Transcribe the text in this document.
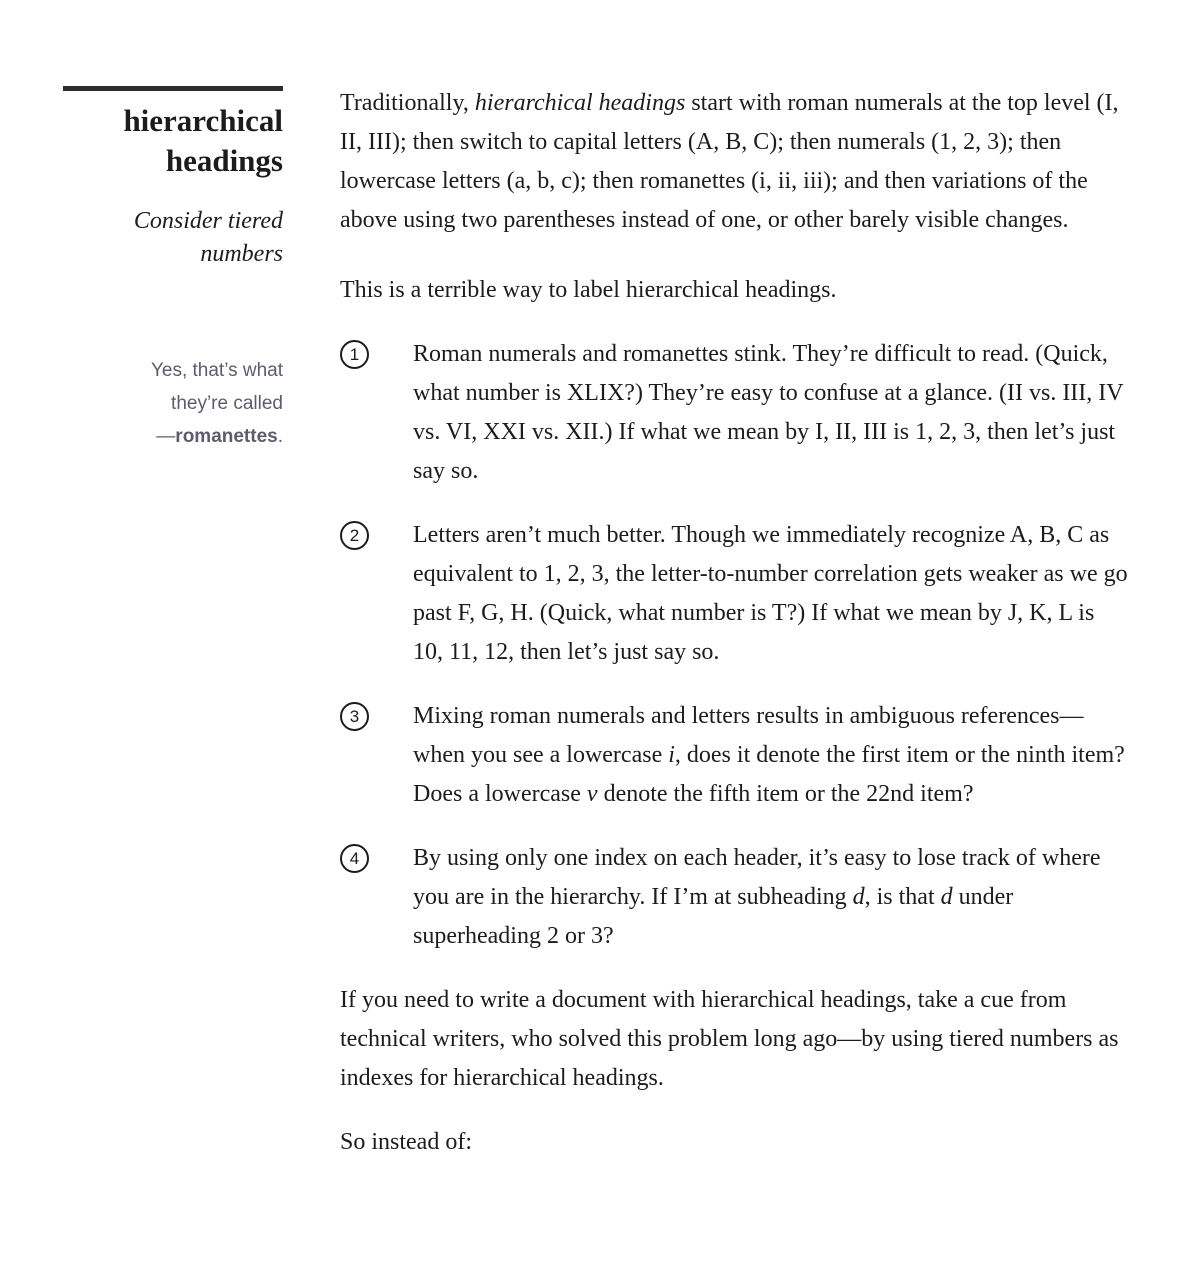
hierarchical headings

Consider tiered numbers

Traditionally, hierarchical headings start with roman numerals at the top level (I, II, III); then switch to capital letters (A, B, C); then numerals (1, 2, 3); then lowercase letters (a, b, c); then romanettes (i, ii, iii); and then variations of the above using two parentheses instead of one, or other barely visible changes.

This is a terrible way to label hierarchical headings.

Yes, that’s what
they’re called
—romanettes.

1	Roman numerals and romanettes stink. They’re difficult to read. (Quick, what number is XLIX?) They’re easy to confuse at a glance. (II vs. III, IV vs. VI, XXI vs. XII.) If what we mean by I, II, III is 1, 2, 3, then let’s just say so.
2	Letters aren’t much better. Though we immediately recognize A, B, C as equivalent to 1, 2, 3, the letter-to-number correlation gets weaker as we go past F, G, H. (Quick, what number is T?) If what we mean by J, K, L is 10, 11, 12, then let’s just say so.
3	Mixing roman numerals and letters results in ambiguous references—when you see a lowercase i, does it denote the first item or the ninth item? Does a lowercase v denote the fifth item or the 22nd item?
4	By using only one index on each header, it’s easy to lose track of where you are in the hierarchy. If I’m at subheading d, is that d under superheading 2 or 3?

If you need to write a document with hierarchical headings, take a cue from technical writers, who solved this problem long ago—by using tiered numbers as indexes for hierarchical headings.

So instead of:
